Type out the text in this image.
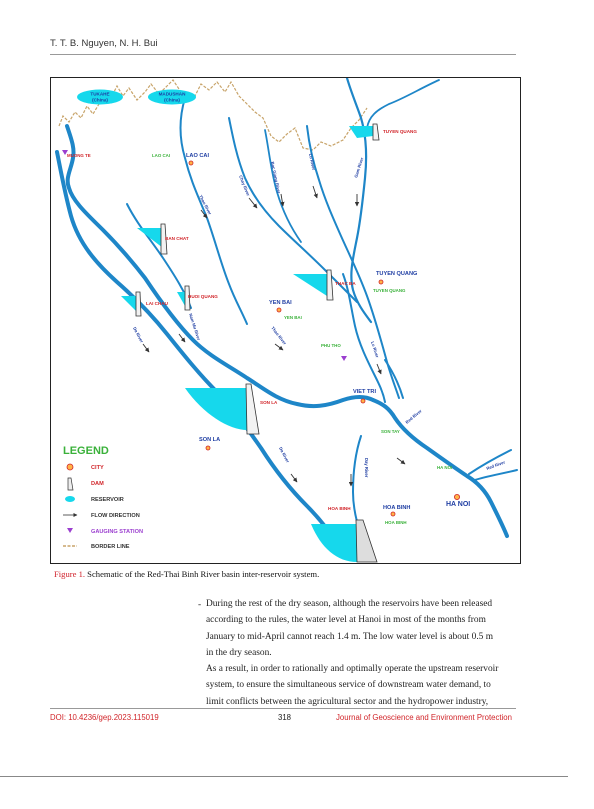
T. T. B. Nguyen, N. H. Bui
TUKAHE
(China)
MADUSHAN
(China)
LAO CAI
TUYEN QUANG
YEN BAI
VIET TRI
SON LA
HOA BINH	HA NOI
TUYEN QUANG
BAN CHAT
LAI CHAU
HUOI QUANG
THAC BA
SON LA
HOA BINH
MUONG TE	LAO CAI
TUYEN QUANG
YEN BAI
PHU THO
SON TAY
HA NOI
HOA BINH
Thao River
Chay River	Bac Giang River	Lo River	Gam River
Nam Mu River
Da River	Thao River
Lo River
Da River
Day River
Red River
Red River
LEGEND
CITY
DAM
RESERVOIR
FLOW DIRECTION
GAUGING STATION
BORDER LINE
Figure 1. Schematic of the Red-Thai Binh River basin inter-reservoir system.
- During the rest of the dry season, although the reservoirs have been released
according to the rules, the water level at Hanoi in most of the months from
January to mid-April cannot reach 1.4 m. The low water level is about 0.5 m
in the dry season.
As a result, in order to rationally and optimally operate the upstream reservoir
system, to ensure the simultaneous service of downstream water demand, to
limit conflicts between the agricultural sector and the hydropower industry,
DOI: 10.4236/gep.2023.115019	318	Journal of Geoscience and Environment Protection
